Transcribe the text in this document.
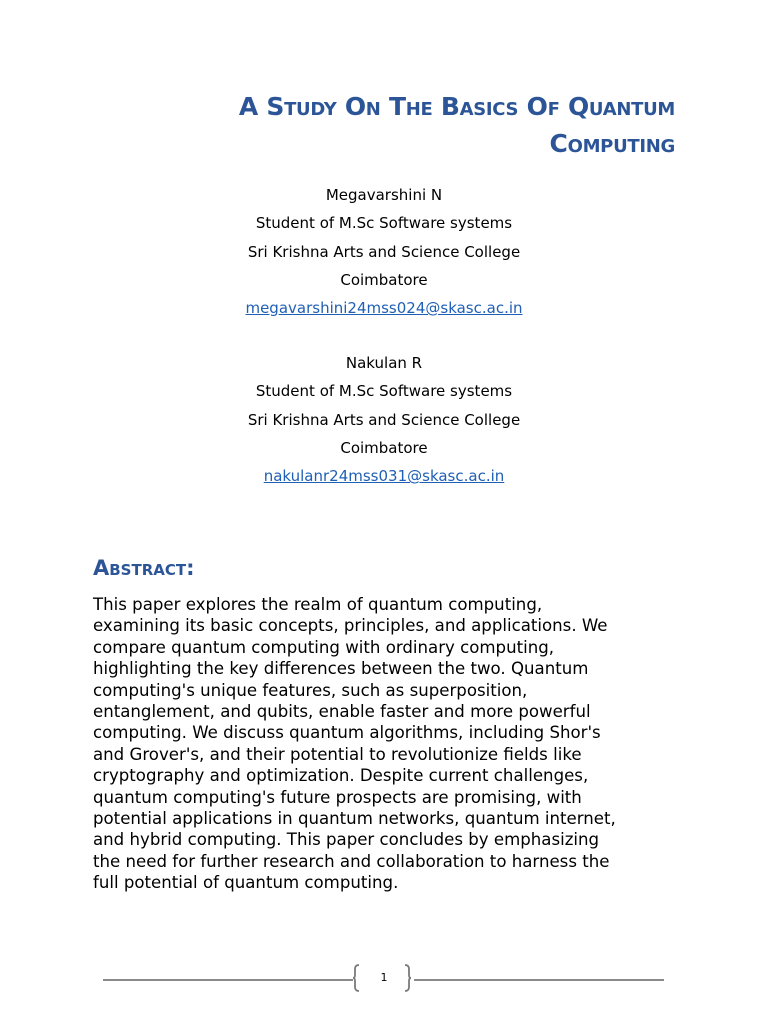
A Study On The Basics Of Quantum
Computing
Megavarshini N
Student of M.Sc Software systems
Sri Krishna Arts and Science College
Coimbatore
megavarshini24mss024@skasc.ac.in
Nakulan R
Student of M.Sc Software systems
Sri Krishna Arts and Science College
Coimbatore
nakulanr24mss031@skasc.ac.in
Abstract:

This paper explores the realm of quantum computing,
examining its basic concepts, principles, and applications. We
compare quantum computing with ordinary computing,
highlighting the key differences between the two. Quantum
computing's unique features, such as superposition,
entanglement, and qubits, enable faster and more powerful
computing. We discuss quantum algorithms, including Shor's
and Grover's, and their potential to revolutionize fields like
cryptography and optimization. Despite current challenges,
quantum computing's future prospects are promising, with
potential applications in quantum networks, quantum internet,
and hybrid computing. This paper concludes by emphasizing
the need for further research and collaboration to harness the
full potential of quantum computing.

1
